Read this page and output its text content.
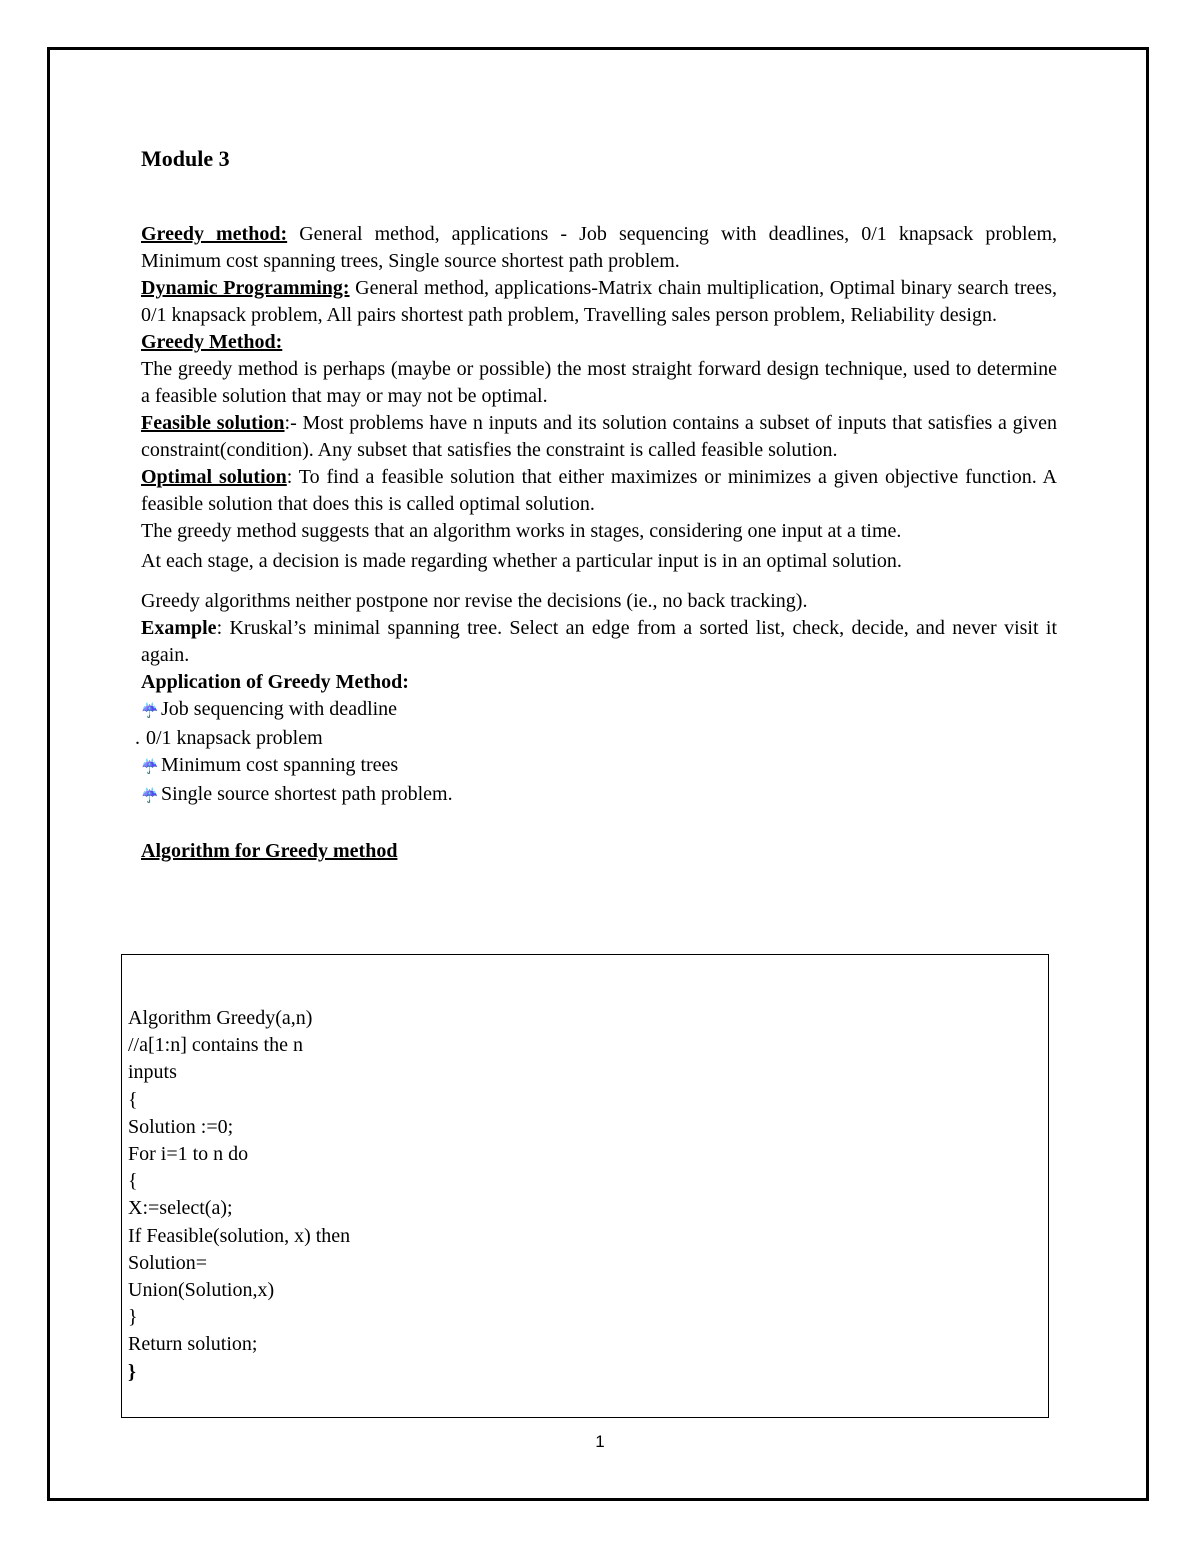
Module 3

Greedy method: General method, applications - Job sequencing with deadlines, 0/1 knapsack problem, Minimum cost spanning trees, Single source shortest path problem.

Dynamic Programming: General method, applications-Matrix chain multiplication, Optimal binary search trees, 0/1 knapsack problem, All pairs shortest path problem, Travelling sales person problem, Reliability design.

Greedy Method:

The greedy method is perhaps (maybe or possible) the most straight forward design technique, used to determine a feasible solution that may or may not be optimal.

Feasible solution:- Most problems have n inputs and its solution contains a subset of inputs that satisfies a given constraint(condition). Any subset that satisfies the constraint is called feasible solution.

Optimal solution: To find a feasible solution that either maximizes or minimizes a given objective function. A feasible solution that does this is called optimal solution.

The greedy method suggests that an algorithm works in stages, considering one input at a time.

At each stage, a decision is made regarding whether a particular input is in an optimal solution.

Greedy algorithms neither postpone nor revise the decisions (ie., no back tracking).

Example: Kruskal’s minimal spanning tree. Select an edge from a sorted list, check, decide, and never visit it again.

Application of Greedy Method:

☔ Job sequencing with deadline

. 0/1 knapsack problem

☔ Minimum cost spanning trees

☔ Single source shortest path problem.

Algorithm for Greedy method

Algorithm Greedy(a,n)
//a[1:n] contains the n
inputs
{
Solution :=0;
For i=1 to n do
{
X:=select(a);
If Feasible(solution, x) then
Solution=
Union(Solution,x)
}
Return solution;
}
1
